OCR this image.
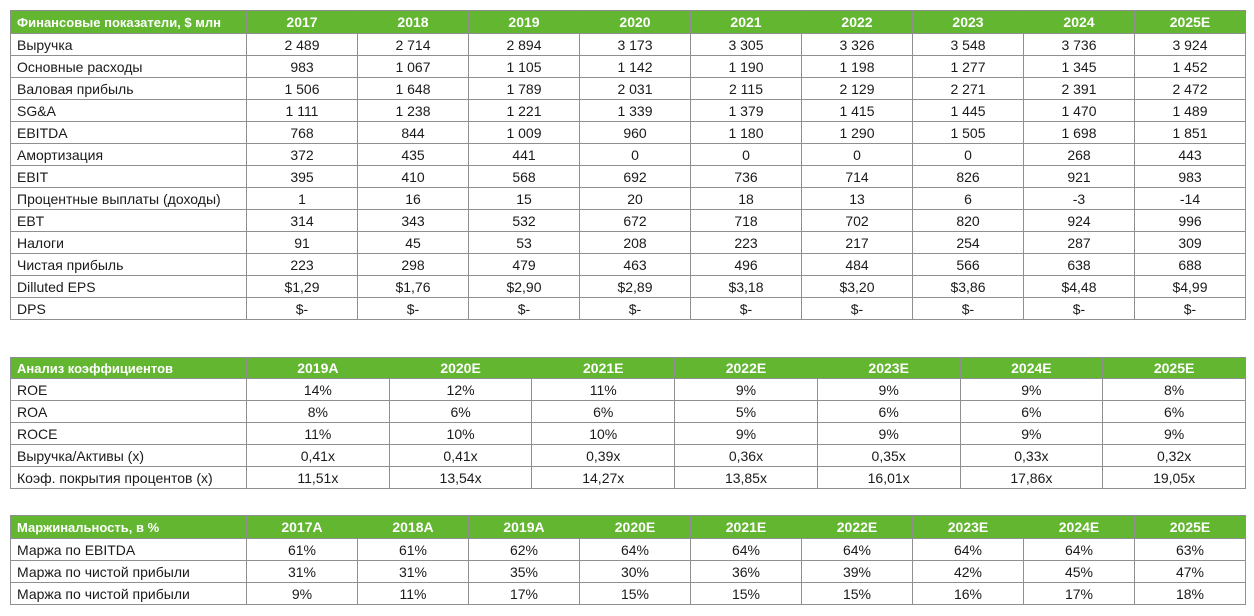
Финансовые показатели, $ млн	2017	2018	2019	2020	2021	2022	2023	2024	2025E
Выручка	2 489	2 714	2 894	3 173	3 305	3 326	3 548	3 736	3 924
Основные расходы	983	1 067	1 105	1 142	1 190	1 198	1 277	1 345	1 452
Валовая прибыль	1 506	1 648	1 789	2 031	2 115	2 129	2 271	2 391	2 472
SG&A	1 111	1 238	1 221	1 339	1 379	1 415	1 445	1 470	1 489
EBITDA	768	844	1 009	960	1 180	1 290	1 505	1 698	1 851
Амортизация	372	435	441	0	0	0	0	268	443
EBIT	395	410	568	692	736	714	826	921	983
Процентные выплаты (доходы)	1	16	15	20	18	13	6	-3	-14
EBT	314	343	532	672	718	702	820	924	996
Налоги	91	45	53	208	223	217	254	287	309
Чистая прибыль	223	298	479	463	496	484	566	638	688
Dilluted EPS	$1,29	$1,76	$2,90	$2,89	$3,18	$3,20	$3,86	$4,48	$4,99
DPS	$-	$-	$-	$-	$-	$-	$-	$-	$-
Анализ коэффициентов	2019A	2020E	2021E	2022E	2023E	2024E	2025E
ROE	14%	12%	11%	9%	9%	9%	8%
ROA	8%	6%	6%	5%	6%	6%	6%
ROCE	11%	10%	10%	9%	9%	9%	9%
Выручка/Активы (x)	0,41x	0,41x	0,39x	0,36x	0,35x	0,33x	0,32x
Коэф. покрытия процентов (x)	11,51x	13,54x	14,27x	13,85x	16,01x	17,86x	19,05x
Маржинальность, в %	2017A	2018A	2019A	2020E	2021E	2022E	2023E	2024E	2025E
Маржа по EBITDA	61%	61%	62%	64%	64%	64%	64%	64%	63%
Маржа по чистой прибыли	31%	31%	35%	30%	36%	39%	42%	45%	47%
Маржа по чистой прибыли	9%	11%	17%	15%	15%	15%	16%	17%	18%
